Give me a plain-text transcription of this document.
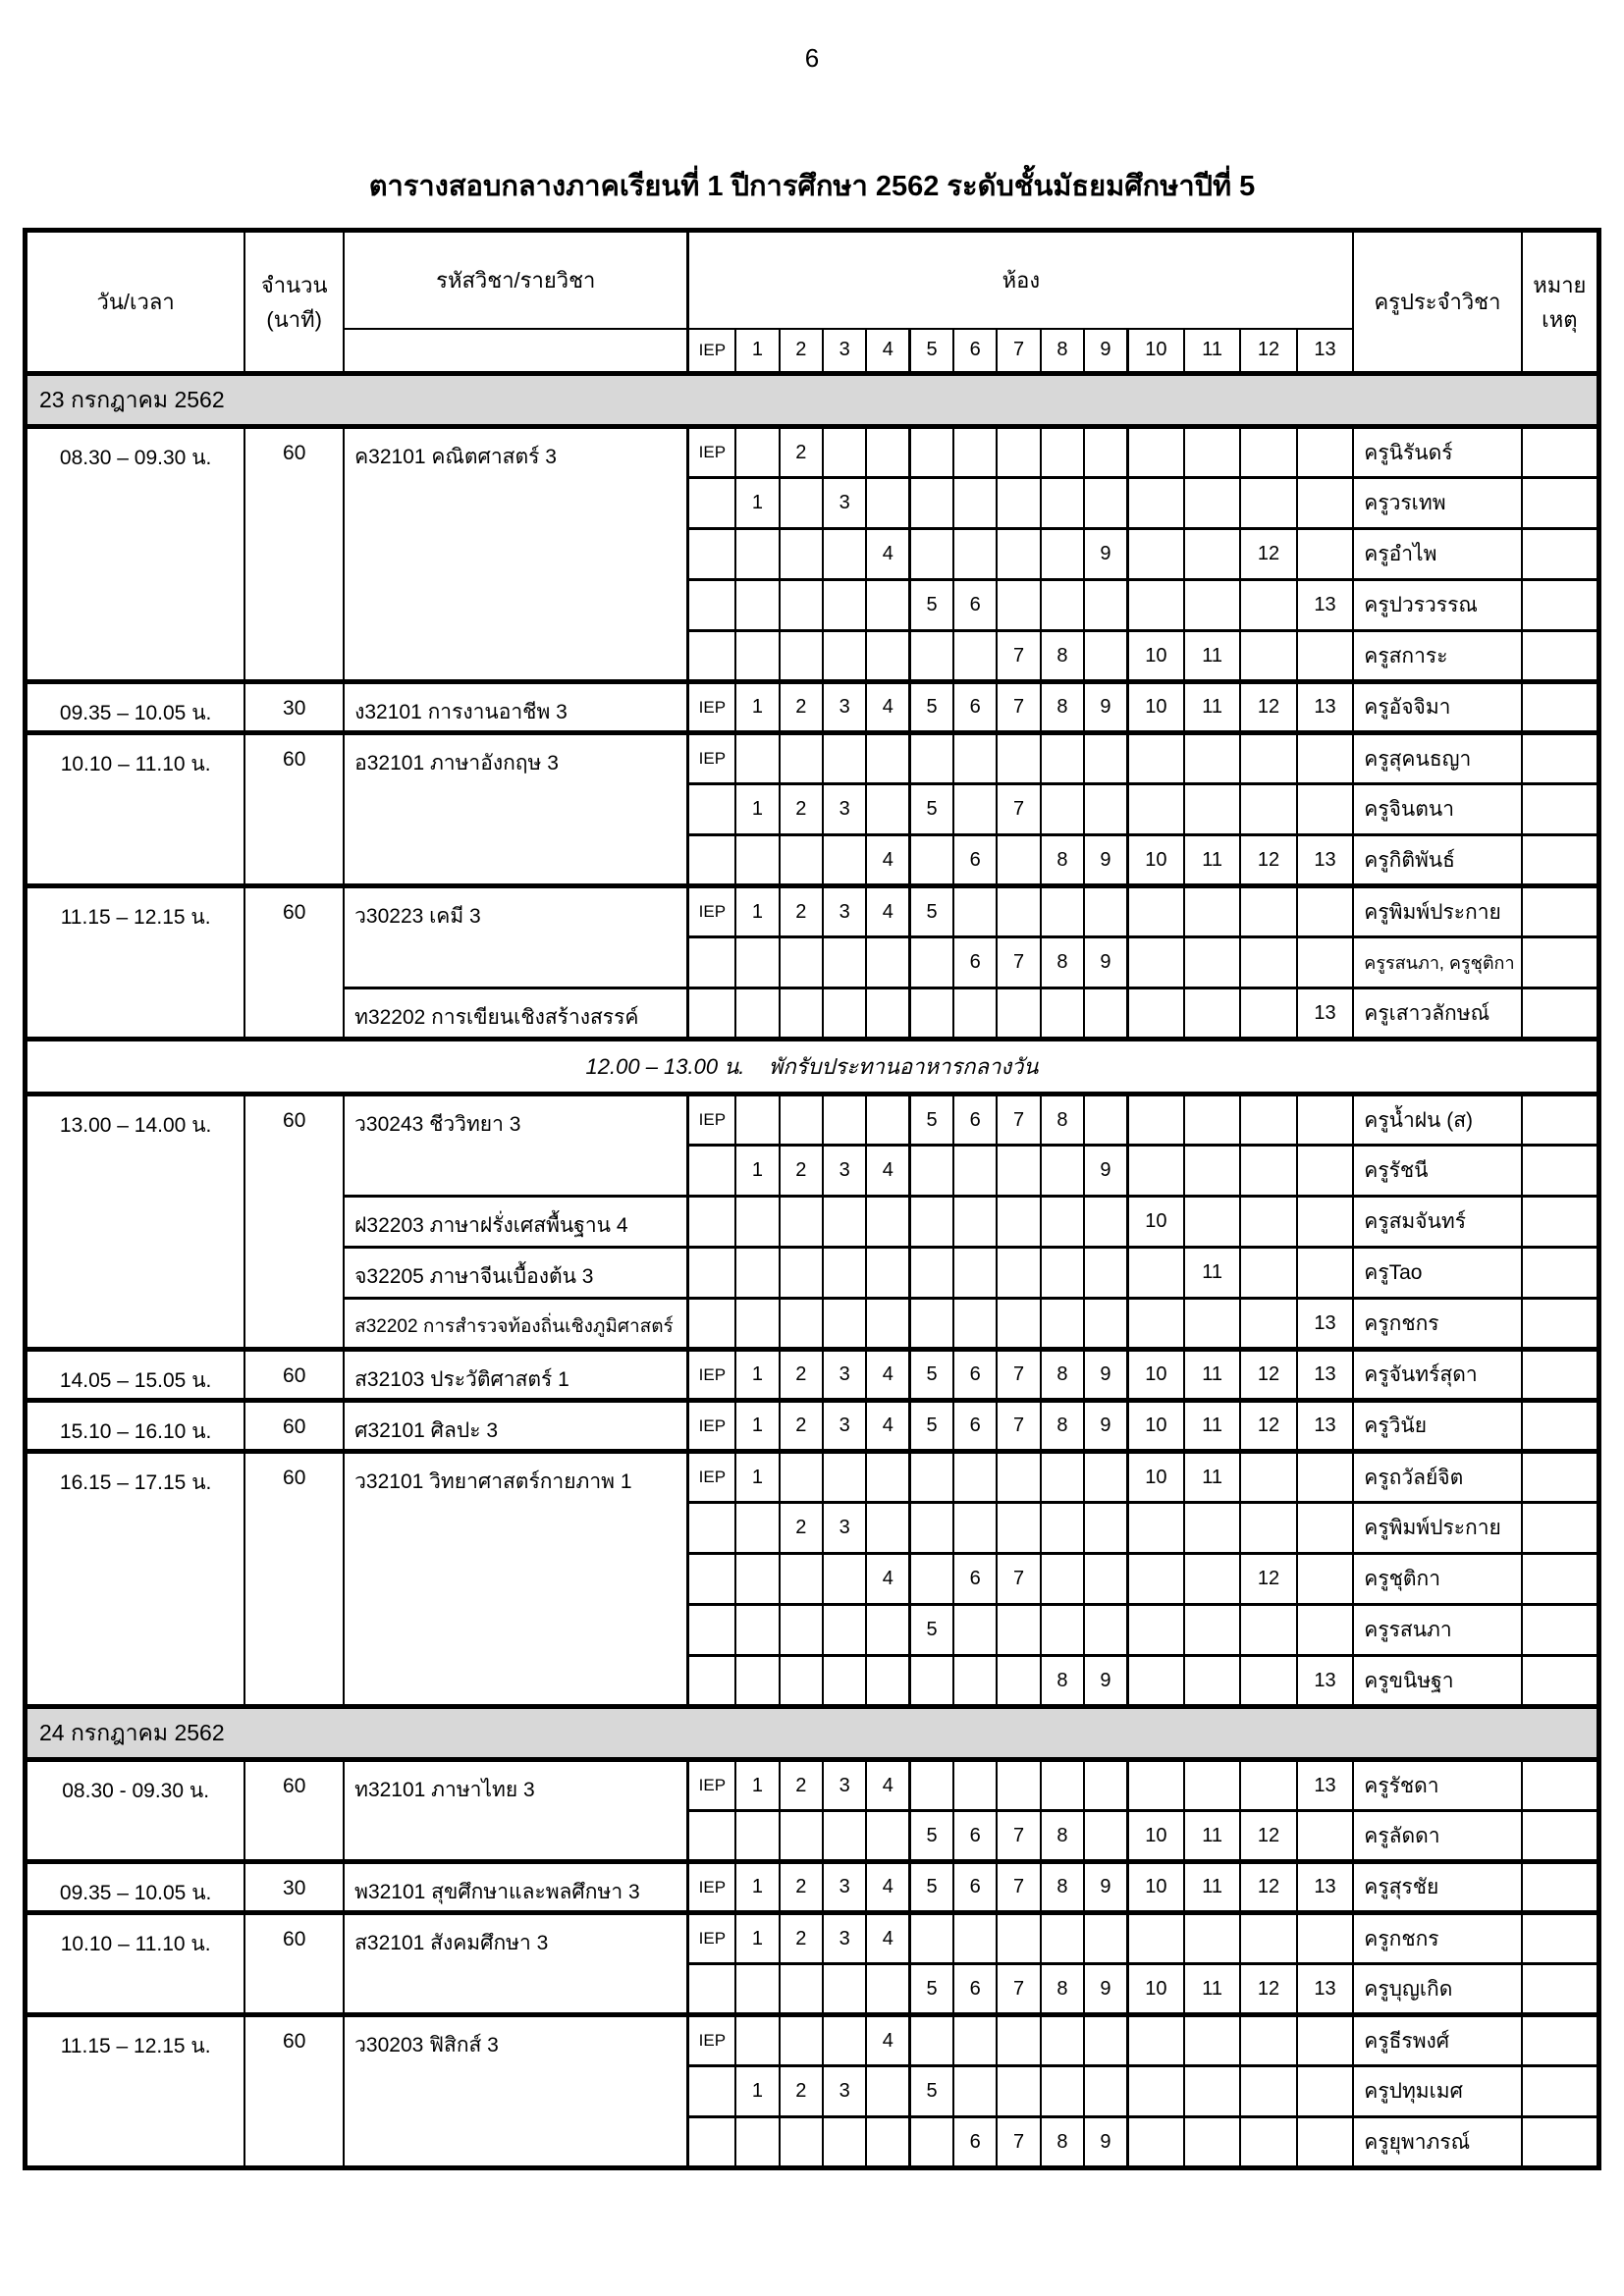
6
ตารางสอบกลางภาคเรียนที่ 1 ปีการศึกษา 2562 ระดับชั้นมัธยมศึกษาปีที่ 5
วัน/เวลา	
จำนวน
(นาที)
	รหัสวิชา/รายวิชา	ห้อง	ครูประจำวิชา	
หมาย
เหตุ

			IEP	1	2	3	4	5	6	7	8	9	10	11	12	13		
23 กรกฎาคม 2562																		
08.30 – 09.30 น.	60	ค32101 คณิตศาสตร์ 3	IEP		2												ครูนิรันดร์	
				1		3											ครูวรเทพ	
							4					9			12		ครูอำไพ	
								5	6							13	ครูปวรวรรณ	
										7	8		10	11			ครูสการะ	
09.35 – 10.05 น.	30	ง32101 การงานอาชีพ 3	IEP	1	2	3	4	5	6	7	8	9	10	11	12	13	ครูอัจจิมา	
10.10 – 11.10 น.	60	อ32101 ภาษาอังกฤษ 3	IEP														ครูสุคนธญา	
				1	2	3		5		7							ครูจินตนา	
							4		6		8	9	10	11	12	13	ครูกิติพันธ์	
11.15 – 12.15 น.	60	ว30223 เคมี 3	IEP	1	2	3	4	5									ครูพิมพ์ประกาย	
									6	7	8	9					ครูรสนภา, ครูชุติกา	
		ท32202 การเขียนเชิงสร้างสรรค์														13	ครูเสาวลักษณ์	
12.00 – 13.00 น. พักรับประทานอาหารกลางวัน																		
13.00 – 14.00 น.	60	ว30243 ชีววิทยา 3	IEP					5	6	7	8						ครูน้ำฝน (ส)	
				1	2	3	4					9					ครูรัชนี	
		ฝ32203 ภาษาฝรั่งเศสพื้นฐาน 4											10				ครูสมจันทร์	
		จ32205 ภาษาจีนเบื้องต้น 3												11			ครูTao	
		ส32202 การสำรวจท้องถิ่นเชิงภูมิศาสตร์														13	ครูกชกร	
14.05 – 15.05 น.	60	ส32103 ประวัติศาสตร์ 1	IEP	1	2	3	4	5	6	7	8	9	10	11	12	13	ครูจันทร์สุดา	
15.10 – 16.10 น.	60	ศ32101 ศิลปะ 3	IEP	1	2	3	4	5	6	7	8	9	10	11	12	13	ครูวินัย	
16.15 – 17.15 น.	60	ว32101 วิทยาศาสตร์กายภาพ 1	IEP	1									10	11			ครูถวัลย์จิต	
					2	3											ครูพิมพ์ประกาย	
							4		6	7					12		ครูชุติกา	
								5									ครูรสนภา	
											8	9				13	ครูขนิษฐา	
24 กรกฎาคม 2562																		
08.30 - 09.30 น.	60	ท32101 ภาษาไทย 3	IEP	1	2	3	4									13	ครูรัชดา	
								5	6	7	8		10	11	12		ครูลัดดา	
09.35 – 10.05 น.	30	พ32101 สุขศึกษาและพลศึกษา 3	IEP	1	2	3	4	5	6	7	8	9	10	11	12	13	ครูสุรชัย	
10.10 – 11.10 น.	60	ส32101 สังคมศึกษา 3	IEP	1	2	3	4										ครูกชกร	
								5	6	7	8	9	10	11	12	13	ครูบุญเกิด	
11.15 – 12.15 น.	60	ว30203 ฟิสิกส์ 3	IEP				4										ครูธีรพงศ์	
				1	2	3		5									ครูปทุมเมศ	
									6	7	8	9					ครูยุพาภรณ์	
